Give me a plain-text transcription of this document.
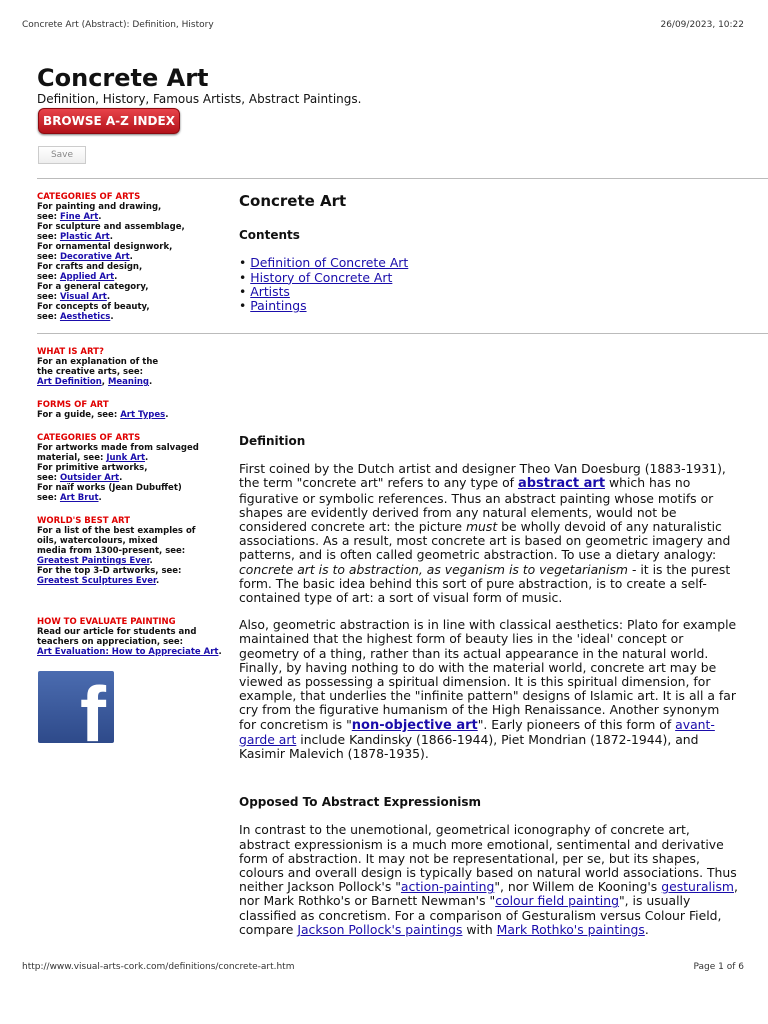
Concrete Art (Abstract): Definition, History	26/09/2023, 10:22
Concrete Art
Definition, History, Famous Artists, Abstract Paintings.
BROWSE A-Z INDEX
Save
CATEGORIES OF ARTS
For painting and drawing,
see: Fine Art.
For sculpture and assemblage,
see: Plastic Art.
For ornamental designwork,
see: Decorative Art.
For crafts and design,
see: Applied Art.
For a general category,
see: Visual Art.
For concepts of beauty,
see: Aesthetics.
Concrete Art
Contents
• Definition of Concrete Art
• History of Concrete Art
• Artists
• Paintings
WHAT IS ART?
For an explanation of the
the creative arts, see:
Art Definition, Meaning.
FORMS OF ART
For a guide, see: Art Types.
CATEGORIES OF ARTS
For artworks made from salvaged
material, see: Junk Art.
For primitive artworks,
see: Outsider Art.
For naïf works (Jean Dubuffet)
see: Art Brut.
WORLD'S BEST ART
For a list of the best examples of
oils, watercolours, mixed
media from 1300-present, see:
Greatest Paintings Ever.
For the top 3-D artworks, see:
Greatest Sculptures Ever.
HOW TO EVALUATE PAINTING
Read our article for students and
teachers on appreciation, see:
Art Evaluation: How to Appreciate Art.
f
Definition

First coined by the Dutch artist and designer Theo Van Doesburg (1883-1931), the term "concrete art" refers to any type of abstract art which has no figurative or symbolic references. Thus an abstract painting whose motifs or shapes are evidently derived from any natural elements, would not be considered concrete art: the picture must be wholly devoid of any naturalistic associations. As a result, most concrete art is based on geometric imagery and patterns, and is often called geometric abstraction. To use a dietary analogy: concrete art is to abstraction, as veganism is to vegetarianism - it is the purest form. The basic idea behind this sort of pure abstraction, is to create a self-contained type of art: a sort of visual form of music.

Also, geometric abstraction is in line with classical aesthetics: Plato for example maintained that the highest form of beauty lies in the 'ideal' concept or geometry of a thing, rather than its actual appearance in the natural world. Finally, by having nothing to do with the material world, concrete art may be viewed as possessing a spiritual dimension. It is this spiritual dimension, for example, that underlies the "infinite pattern" designs of Islamic art. It is all a far cry from the figurative humanism of the High Renaissance. Another synonym for concretism is "non-objective art". Early pioneers of this form of avant-garde art include Kandinsky (1866-1944), Piet Mondrian (1872-1944), and Kasimir Malevich (1878-1935).

Opposed To Abstract Expressionism

In contrast to the unemotional, geometrical iconography of concrete art, abstract expressionism is a much more emotional, sentimental and derivative form of abstraction. It may not be representational, per se, but its shapes, colours and overall design is typically based on natural world associations. Thus neither Jackson Pollock's "action-painting", nor Willem de Kooning's gesturalism, nor Mark Rothko's or Barnett Newman's "colour field painting", is usually classified as concretism. For a comparison of Gesturalism versus Colour Field, compare Jackson Pollock's paintings with Mark Rothko's paintings.

http://www.visual-arts-cork.com/definitions/concrete-art.htm	Page 1 of 6
